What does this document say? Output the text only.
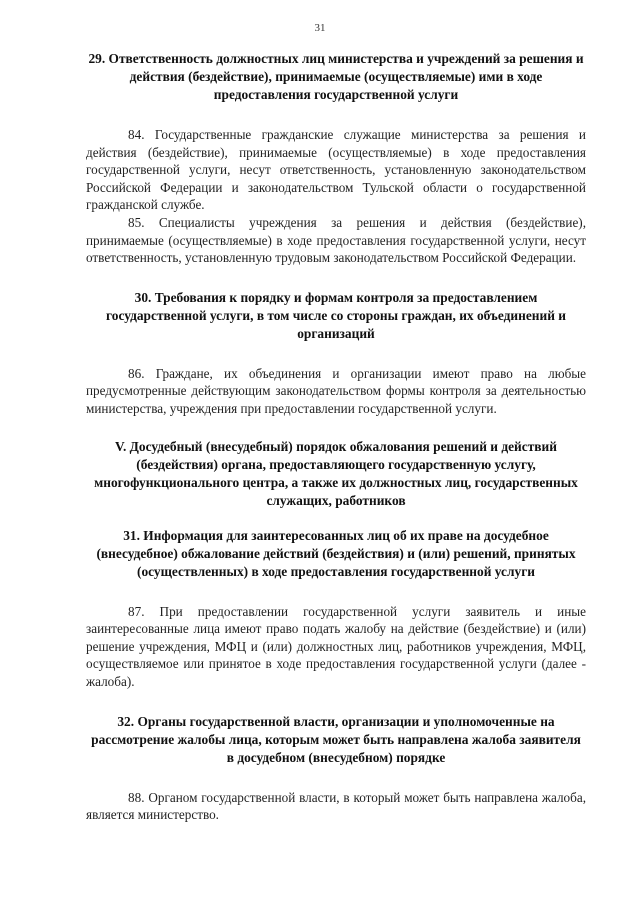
31
29. Ответственность должностных лиц министерства и учреждений за решения и действия (бездействие), принимаемые (осуществляемые) ими в ходе предоставления государственной услуги

84. Государственные гражданские служащие министерства за решения и действия (бездействие), принимаемые (осуществляемые) в ходе предоставления государственной услуги, несут ответственность, установленную законодательством Российской Федерации и законодательством Тульской области о государственной гражданской службе.

85. Специалисты учреждения за решения и действия (бездействие), принимаемые (осуществляемые) в ходе предоставления государственной услуги, несут ответственность, установленную трудовым законодательством Российской Федерации.

30. Требования к порядку и формам контроля за предоставлением государственной услуги, в том числе со стороны граждан, их объединений и организаций

86. Граждане, их объединения и организации имеют право на любые предусмотренные действующим законодательством формы контроля за деятельностью министерства, учреждения при предоставлении государственной услуги.

V. Досудебный (внесудебный) порядок обжалования решений и действий (бездействия) органа, предоставляющего государственную услугу, многофункционального центра, а также их должностных лиц, государственных служащих, работников
31. Информация для заинтересованных лиц об их праве на досудебное (внесудебное) обжалование действий (бездействия) и (или) решений, принятых (осуществленных) в ходе предоставления государственной услуги

87. При предоставлении государственной услуги заявитель и иные заинтересованные лица имеют право подать жалобу на действие (бездействие) и (или) решение учреждения, МФЦ и (или) должностных лиц, работников учреждения, МФЦ, осуществляемое или принятое в ходе предоставления государственной услуги (далее - жалоба).

32. Органы государственной власти, организации и уполномоченные на рассмотрение жалобы лица, которым может быть направлена жалоба заявителя в досудебном (внесудебном) порядке

88. Органом государственной власти, в который может быть направлена жалоба, является министерство.
